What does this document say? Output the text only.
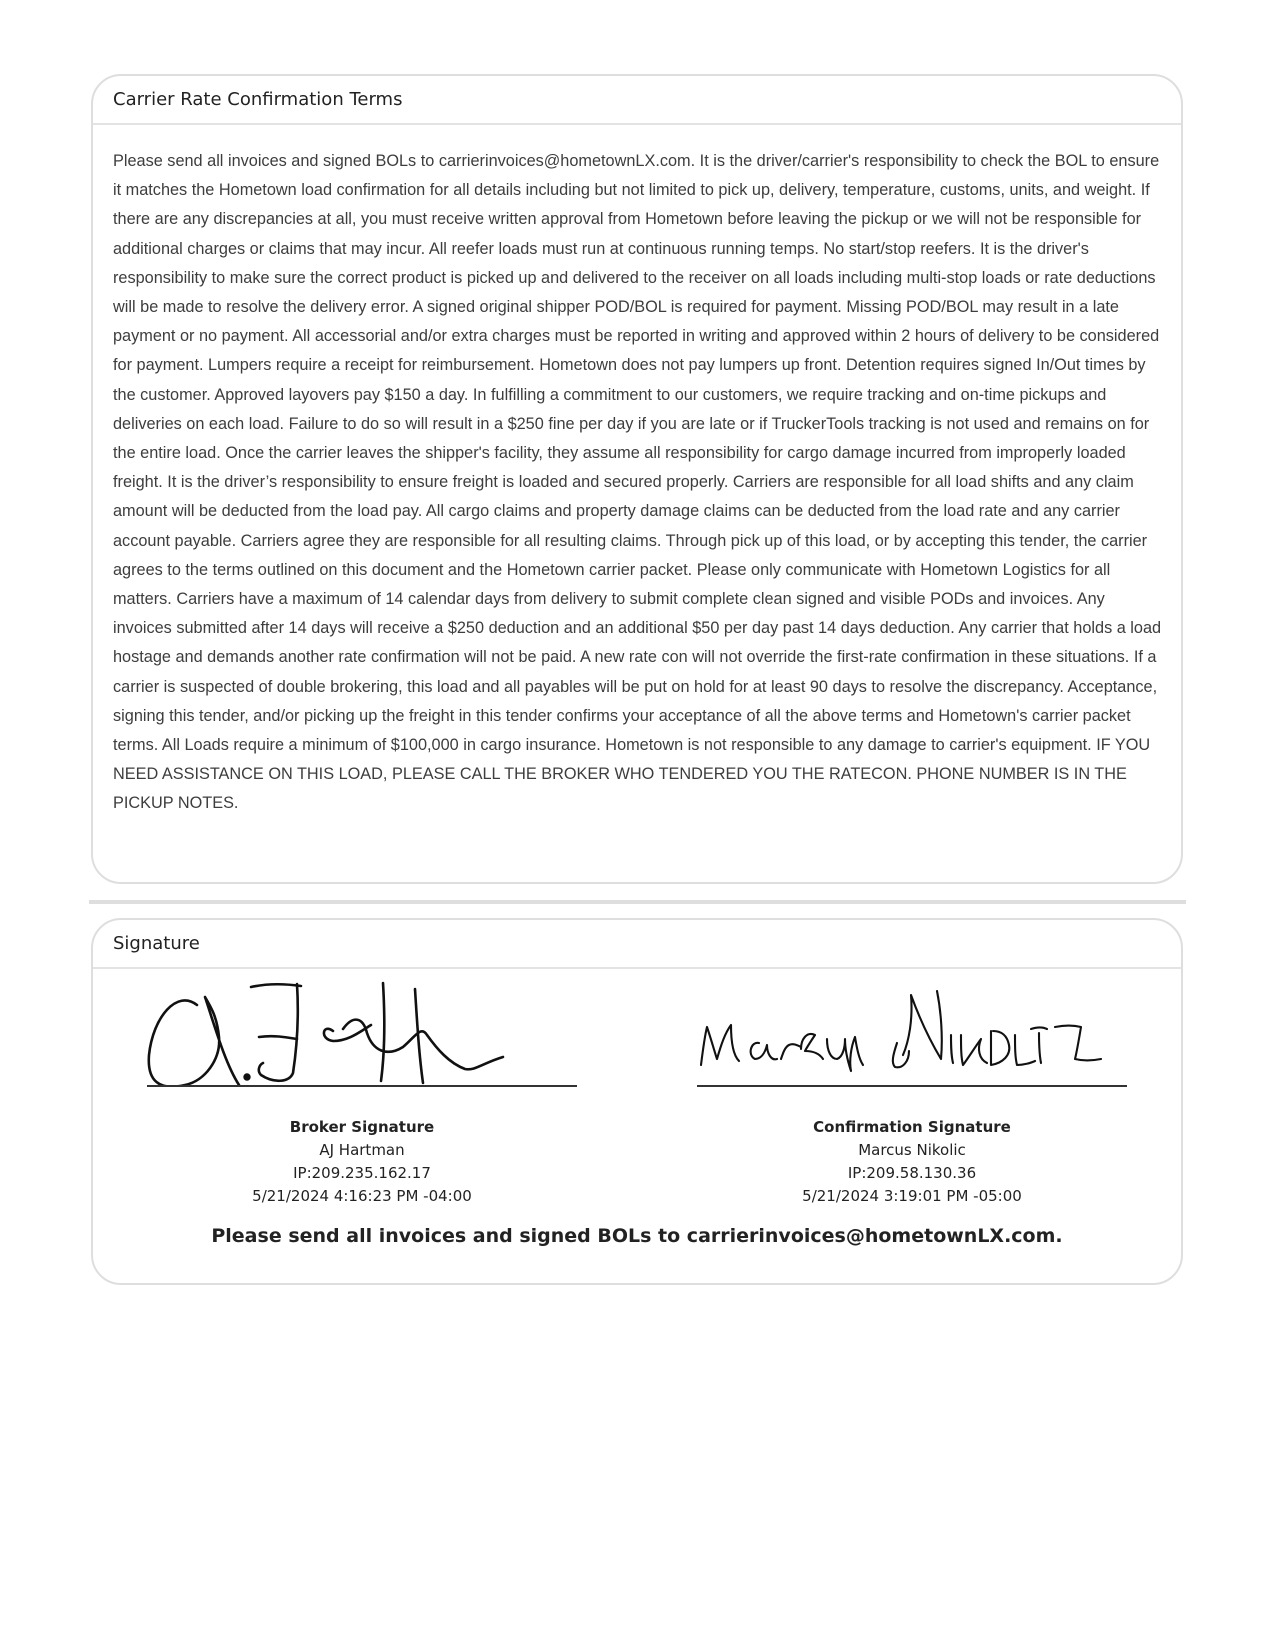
Carrier Rate Confirmation Terms
Please send all invoices and signed BOLs to carrierinvoices@hometownLX.com. It is the driver/carrier's responsibility to check the BOL to ensure it matches the Hometown load confirmation for all details including but not limited to pick up, delivery, temperature, customs, units, and weight. If there are any discrepancies at all, you must receive written approval from Hometown before leaving the pickup or we will not be responsible for additional charges or claims that may incur. All reefer loads must run at continuous running temps. No start/stop reefers. It is the driver's responsibility to make sure the correct product is picked up and delivered to the receiver on all loads including multi-stop loads or rate deductions will be made to resolve the delivery error. A signed original shipper POD/BOL is required for payment. Missing POD/BOL may result in a late payment or no payment. All accessorial and/or extra charges must be reported in writing and approved within 2 hours of delivery to be considered for payment. Lumpers require a receipt for reimbursement. Hometown does not pay lumpers up front. Detention requires signed In/Out times by the customer. Approved layovers pay $150 a day. In fulfilling a commitment to our customers, we require tracking and on-time pickups and deliveries on each load. Failure to do so will result in a $250 fine per day if you are late or if TruckerTools tracking is not used and remains on for the entire load. Once the carrier leaves the shipper's facility, they assume all responsibility for cargo damage incurred from improperly loaded freight. It is the driver’s responsibility to ensure freight is loaded and secured properly. Carriers are responsible for all load shifts and any claim amount will be deducted from the load pay. All cargo claims and property damage claims can be deducted from the load rate and any carrier account payable. Carriers agree they are responsible for all resulting claims. Through pick up of this load, or by accepting this tender, the carrier agrees to the terms outlined on this document and the Hometown carrier packet. Please only communicate with Hometown Logistics for all matters. Carriers have a maximum of 14 calendar days from delivery to submit complete clean signed and visible PODs and invoices. Any invoices submitted after 14 days will receive a $250 deduction and an additional $50 per day past 14 days deduction. Any carrier that holds a load hostage and demands another rate confirmation will not be paid. A new rate con will not override the first-rate confirmation in these situations. If a carrier is suspected of double brokering, this load and all payables will be put on hold for at least 90 days to resolve the discrepancy. Acceptance, signing this tender, and/or picking up the freight in this tender confirms your acceptance of all the above terms and Hometown's carrier packet terms. All Loads require a minimum of $100,000 in cargo insurance. Hometown is not responsible to any damage to carrier's equipment. IF YOU NEED ASSISTANCE ON THIS LOAD, PLEASE CALL THE BROKER WHO TENDERED YOU THE RATECON. PHONE NUMBER IS IN THE PICKUP NOTES.
Signature
Broker Signature
AJ Hartman
IP:209.235.162.17
5/21/2024 4:16:23 PM -04:00
Confirmation Signature
Marcus Nikolic
IP:209.58.130.36
5/21/2024 3:19:01 PM -05:00
Please send all invoices and signed BOLs to carrierinvoices@hometownLX.com.
